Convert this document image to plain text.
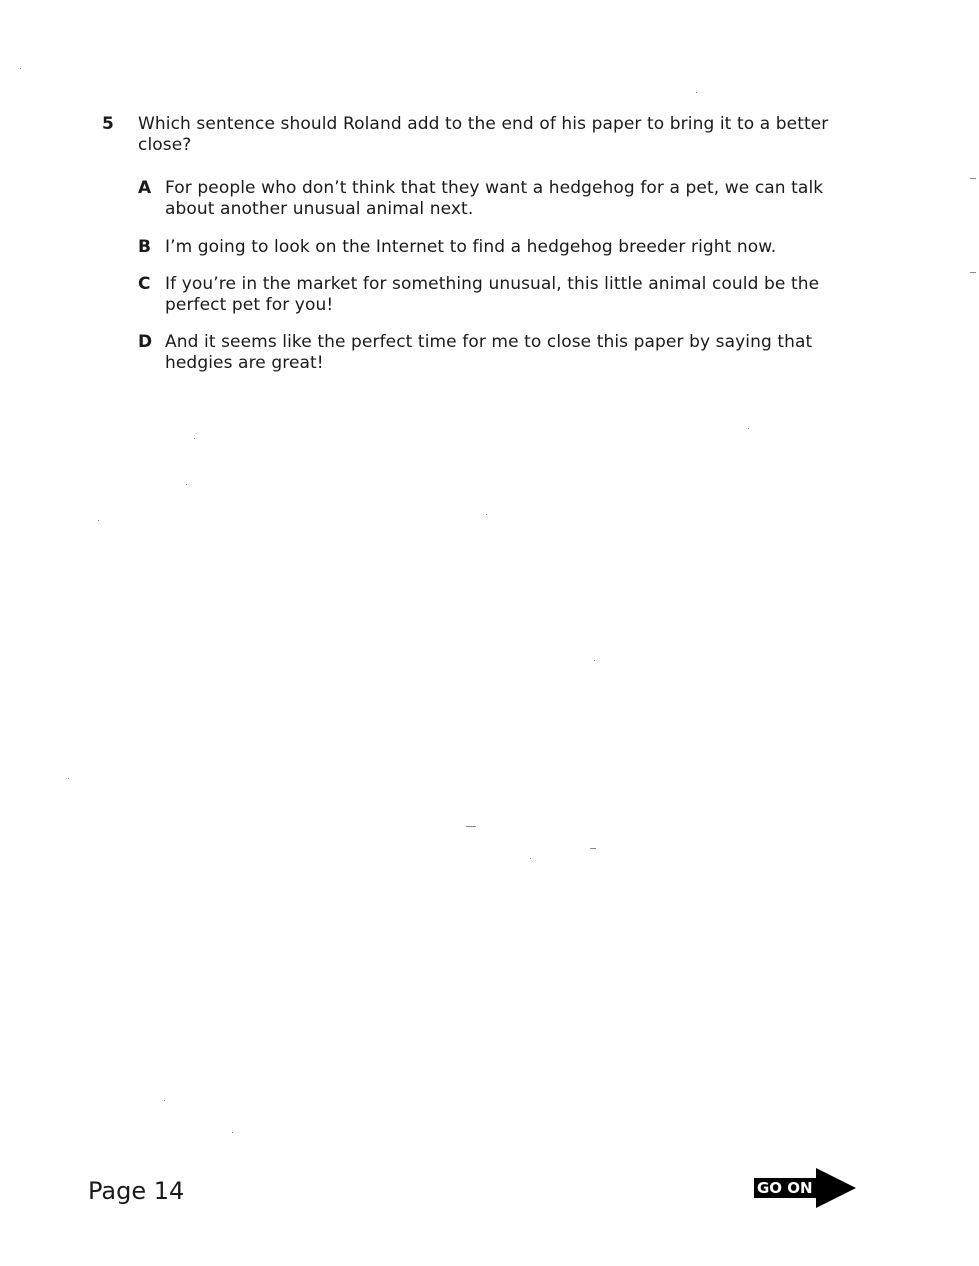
5 Which sentence should Roland add to the end of his paper to bring it to a better close?
A For people who don’t think that they want a hedgehog for a pet, we can talk about another unusual animal next.
B I’m going to look on the Internet to find a hedgehog breeder right now.
C If you’re in the market for something unusual, this little animal could be the perfect pet for you!
D And it seems like the perfect time for me to close this paper by saying that hedgies are great!
Page 14	GO ON
